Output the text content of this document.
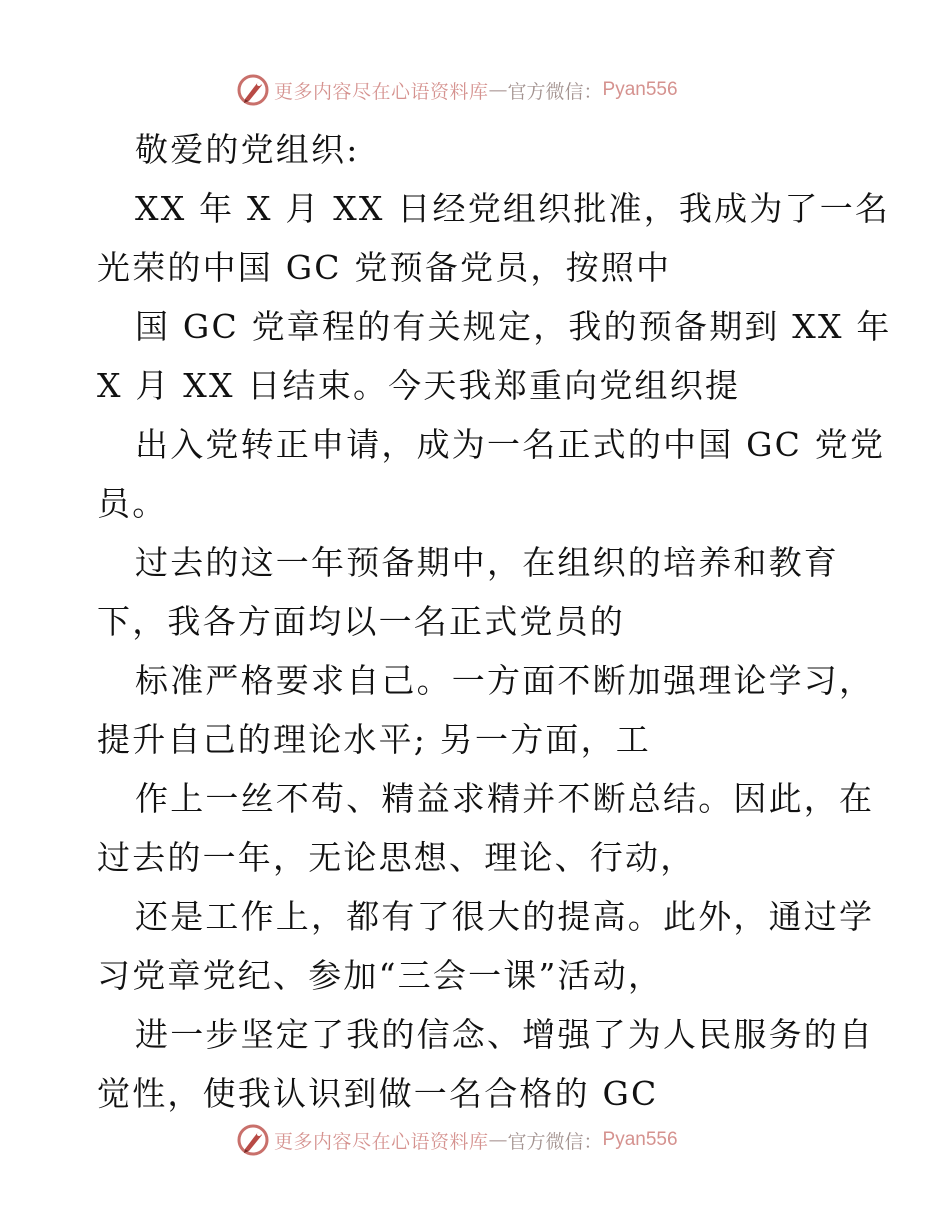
更多内容尽在心语资料库 — 官方微信： Pyan556
敬爱的党组织:
XX 年 X 月 XX 日经党组织批准，我成为了一名
光荣的中国 GC 党预备党员，按照中
国 GC 党章程的有关规定，我的预备期到 XX 年
X 月 XX 日结束。今天我郑重向党组织提
出入党转正申请，成为一名正式的中国 GC 党党
员。
过去的这一年预备期中，在组织的培养和教育
下，我各方面均以一名正式党员的
标准严格要求自己。一方面不断加强理论学习，
提升自己的理论水平; 另一方面，工
作上一丝不苟、精益求精并不断总结。因此，在
过去的一年，无论思想、理论、行动，
还是工作上，都有了很大的提高。此外，通过学
习党章党纪、参加“三会一课”活动，
进一步坚定了我的信念、增强了为人民服务的自
觉性，使我认识到做一名合格的 GC
更多内容尽在心语资料库 — 官方微信： Pyan556
